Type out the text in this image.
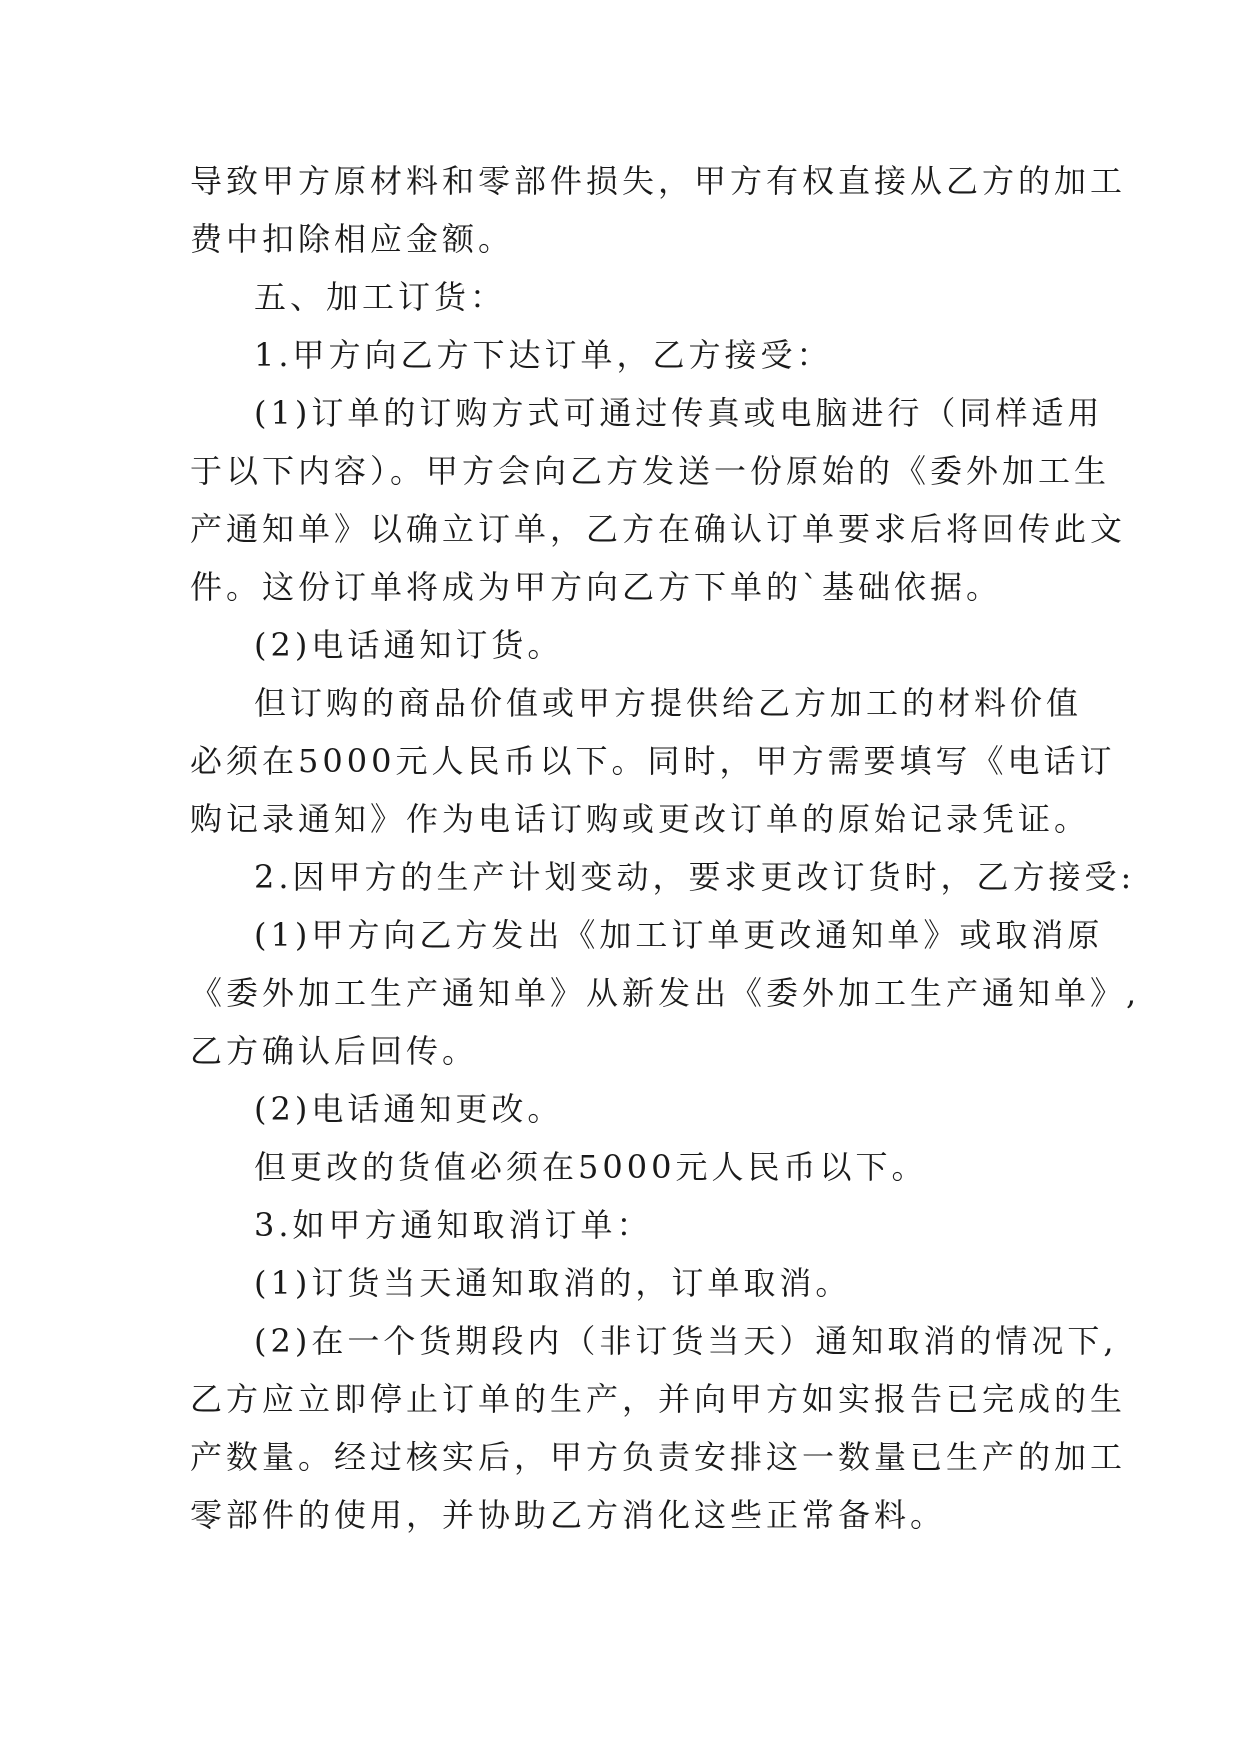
导致甲方原材料和零部件损失，甲方有权直接从乙方的加工
费中扣除相应金额。
五、加工订货：
1.甲方向乙方下达订单，乙方接受：
(1)订单的订购方式可通过传真或电脑进行（同样适用
于以下内容）。甲方会向乙方发送一份原始的《委外加工生
产通知单》以确立订单，乙方在确认订单要求后将回传此文
件。这份订单将成为甲方向乙方下单的`基础依据。
(2)电话通知订货。
但订购的商品价值或甲方提供给乙方加工的材料价值
必须在5000元人民币以下。同时，甲方需要填写《电话订
购记录通知》作为电话订购或更改订单的原始记录凭证。
2.因甲方的生产计划变动，要求更改订货时，乙方接受:
(1)甲方向乙方发出《加工订单更改通知单》或取消原
《委外加工生产通知单》从新发出《委外加工生产通知单》,
乙方确认后回传。
(2)电话通知更改。
但更改的货值必须在5000元人民币以下。
3.如甲方通知取消订单：
(1)订货当天通知取消的，订单取消。
(2)在一个货期段内（非订货当天）通知取消的情况下,
乙方应立即停止订单的生产，并向甲方如实报告已完成的生
产数量。经过核实后，甲方负责安排这一数量已生产的加工
零部件的使用，并协助乙方消化这些正常备料。
